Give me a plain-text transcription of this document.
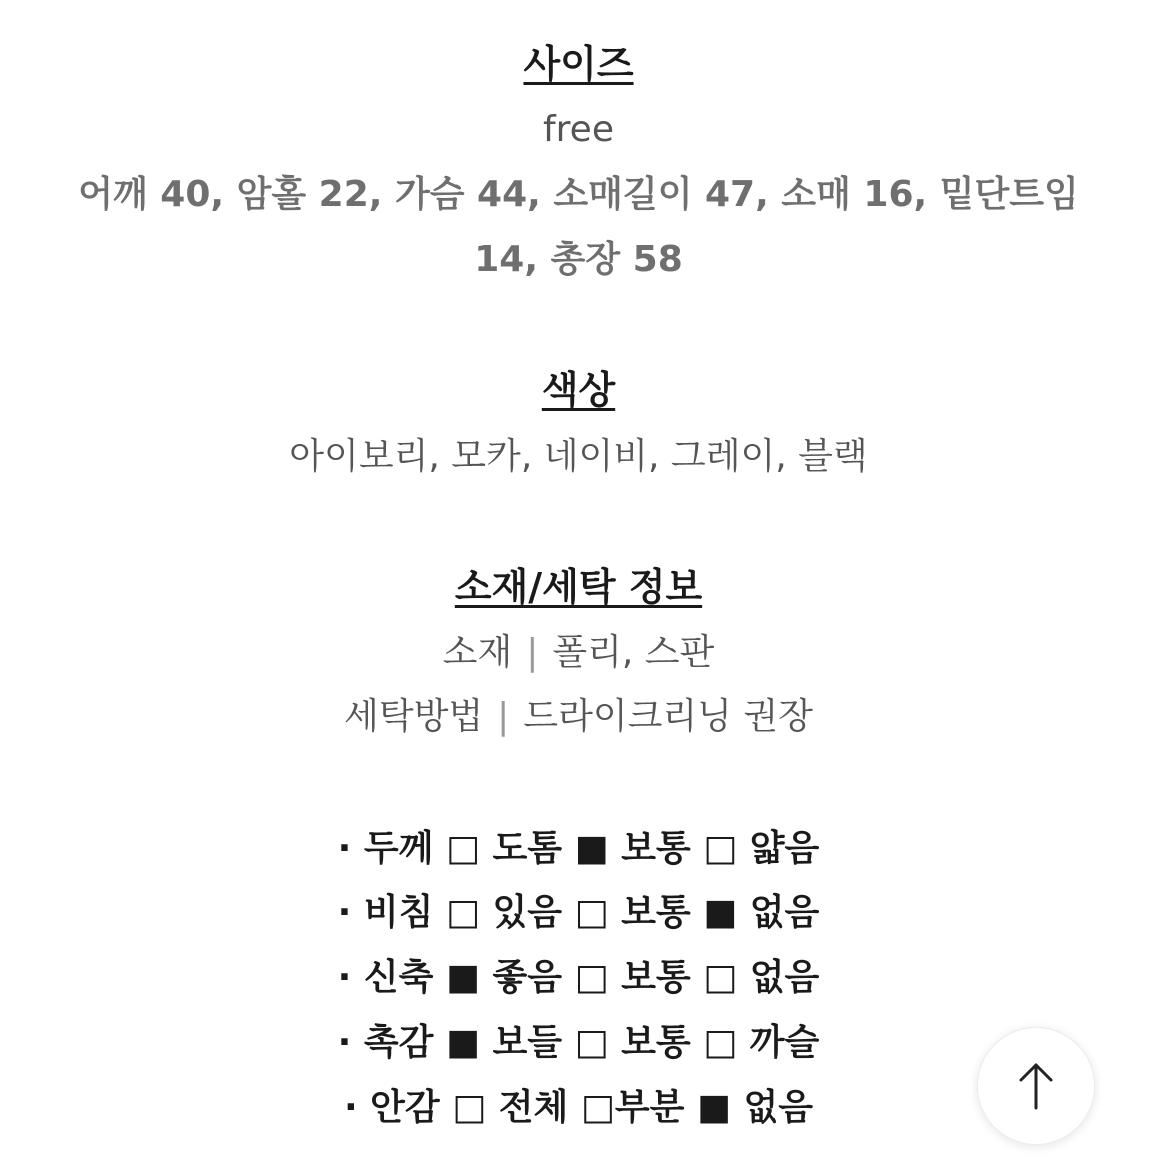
사이즈
free
어깨 40, 암홀 22, 가슴 44, 소매길이 47, 소매 16, 밑단트임
14, 총장 58
색상
아이보리, 모카, 네이비, 그레이, 블랙
소재/세탁 정보
소재 | 폴리, 스판
세탁방법 | 드라이크리닝 권장
· 두께 □ 도톰 ■ 보통 □ 얇음
· 비침 □ 있음 □ 보통 ■ 없음
· 신축 ■ 좋음 □ 보통 □ 없음
· 촉감 ■ 보들 □ 보통 □ 까슬
· 안감 □ 전체 □부분 ■ 없음
